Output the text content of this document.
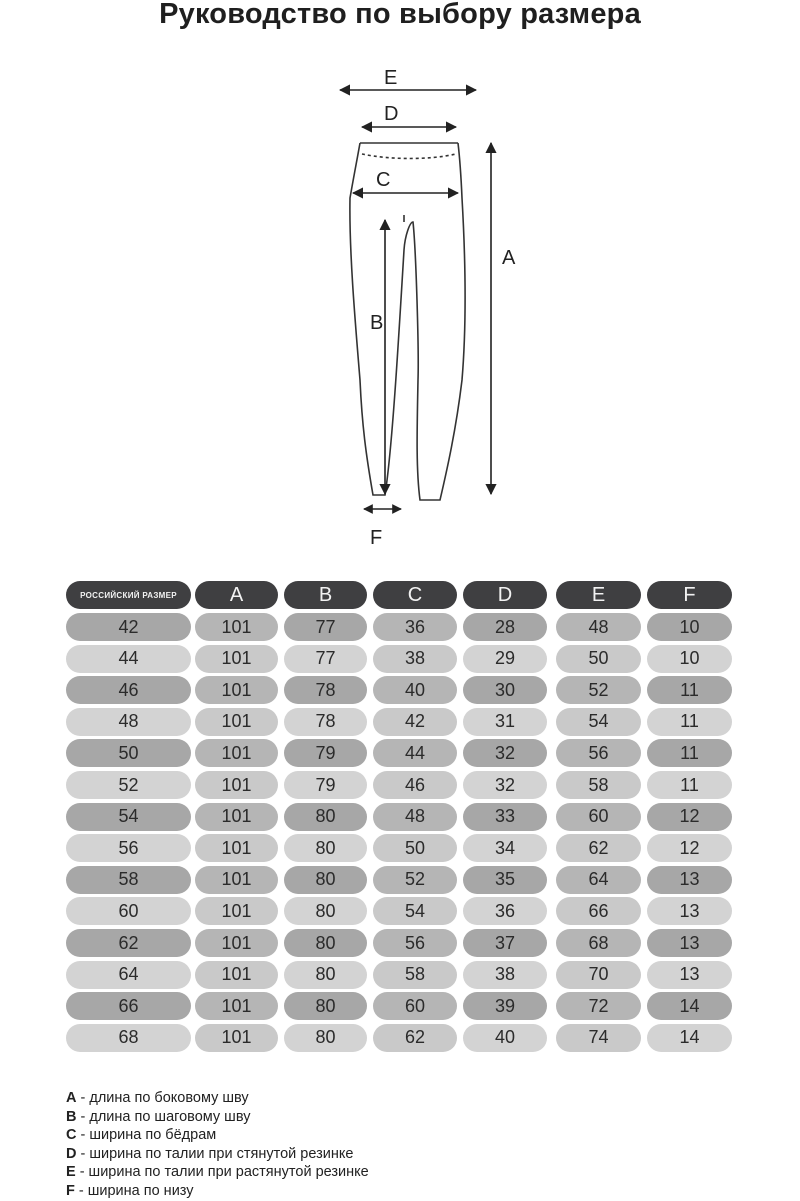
Руководство по выбору размера
E
D
C
A
B
F
РОССИЙСКИЙ РАЗМЕР	A	B	C	D	E	F
42	101	77	36	28	48	10
44	101	77	38	29	50	10
46	101	78	40	30	52	11
48	101	78	42	31	54	11
50	101	79	44	32	56	11
52	101	79	46	32	58	11
54	101	80	48	33	60	12
56	101	80	50	34	62	12
58	101	80	52	35	64	13
60	101	80	54	36	66	13
62	101	80	56	37	68	13
64	101	80	58	38	70	13
66	101	80	60	39	72	14
68	101	80	62	40	74	14
A - длина по боковому шву
B - длина по шаговому шву
C - ширина по бёдрам
D - ширина по талии при стянутой резинке
E - ширина по талии при растянутой резинке
F - ширина по низу
